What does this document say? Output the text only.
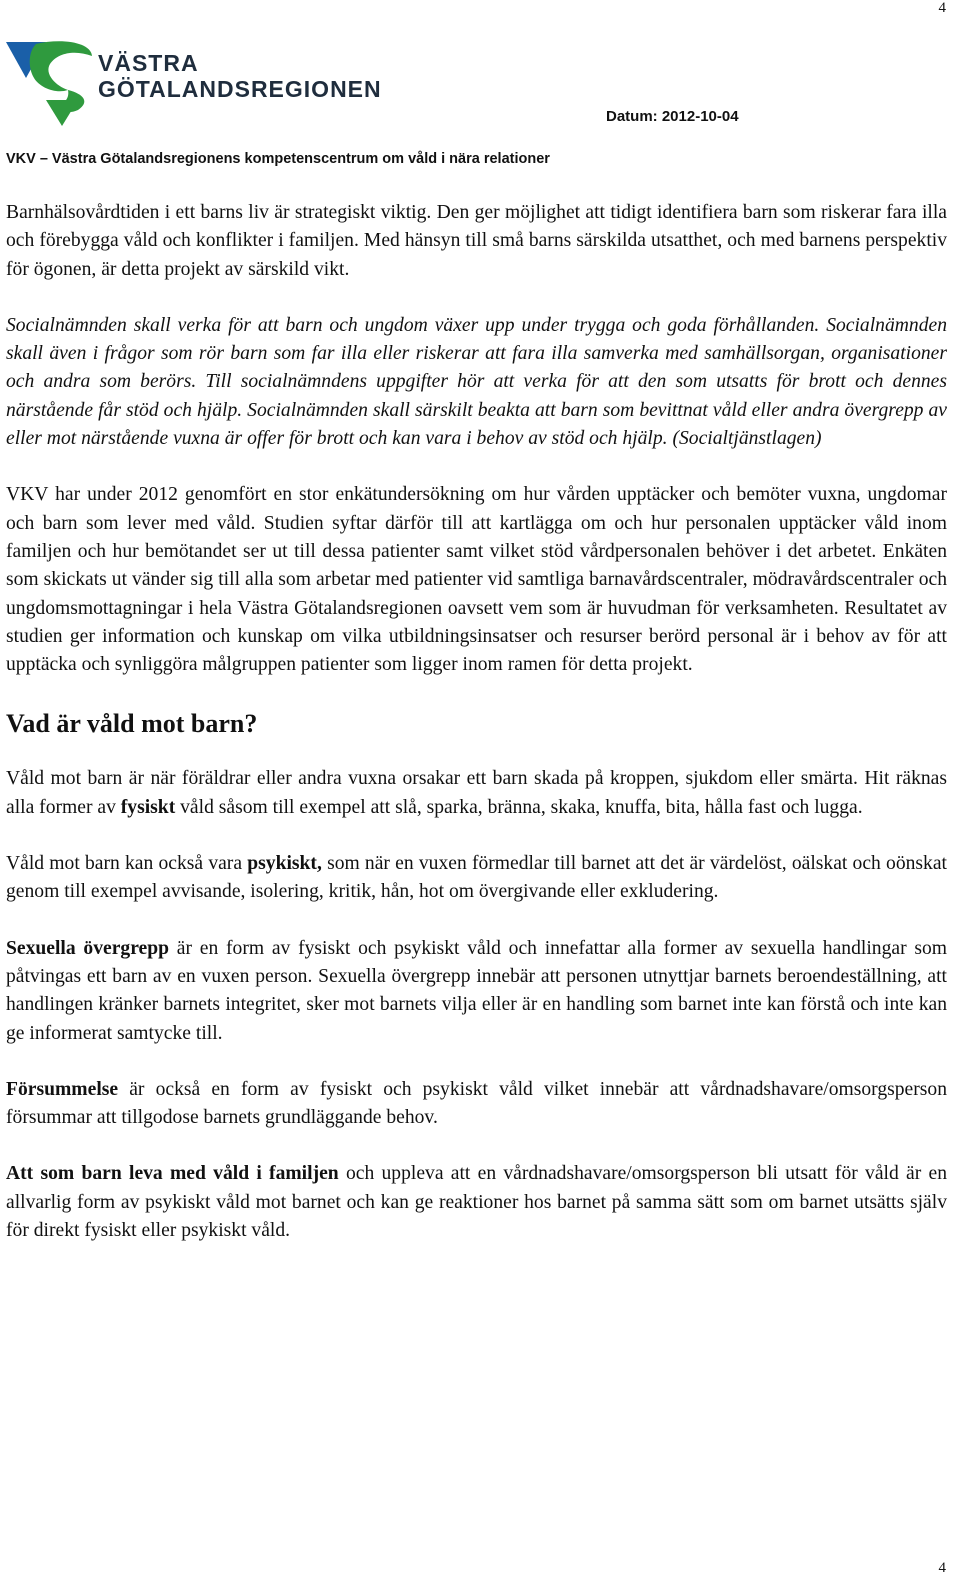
4
VÄSTRA
GÖTALANDSREGIONEN
Datum: 2012-10-04
VKV – Västra Götalandsregionens kompetenscentrum om våld i nära relationer

Barnhälsovårdtiden i ett barns liv är strategiskt viktig. Den ger möjlighet att tidigt identifiera barn som riskerar fara illa och förebygga våld och konflikter i familjen. Med hänsyn till små barns särskilda utsatthet, och med barnens perspektiv för ögonen, är detta projekt av särskild vikt.

Socialnämnden skall verka för att barn och ungdom växer upp under trygga och goda förhållanden. Socialnämnden skall även i frågor som rör barn som far illa eller riskerar att fara illa samverka med samhällsorgan, organisationer och andra som berörs. Till socialnämndens uppgifter hör att verka för att den som utsatts för brott och dennes närstående får stöd och hjälp. Socialnämnden skall särskilt beakta att barn som bevittnat våld eller andra övergrepp av eller mot närstående vuxna är offer för brott och kan vara i behov av stöd och hjälp. (Socialtjänstlagen)

VKV har under 2012 genomfört en stor enkätundersökning om hur vården upptäcker och bemöter vuxna, ungdomar och barn som lever med våld. Studien syftar därför till att kartlägga om och hur personalen upptäcker våld inom familjen och hur bemötandet ser ut till dessa patienter samt vilket stöd vårdpersonalen behöver i det arbetet. Enkäten som skickats ut vänder sig till alla som arbetar med patienter vid samtliga barnavårdscentraler, mödravårdscentraler och ungdomsmottagningar i hela Västra Götalandsregionen oavsett vem som är huvudman för verksamheten. Resultatet av studien ger information och kunskap om vilka utbildningsinsatser och resurser berörd personal är i behov av för att upptäcka och synliggöra målgruppen patienter som ligger inom ramen för detta projekt.

Vad är våld mot barn?

Våld mot barn är när föräldrar eller andra vuxna orsakar ett barn skada på kroppen, sjukdom eller smärta. Hit räknas alla former av fysiskt våld såsom till exempel att slå, sparka, bränna, skaka, knuffa, bita, hålla fast och lugga.

Våld mot barn kan också vara psykiskt, som när en vuxen förmedlar till barnet att det är värdelöst, oälskat och oönskat genom till exempel avvisande, isolering, kritik, hån, hot om övergivande eller exkludering.

Sexuella övergrepp är en form av fysiskt och psykiskt våld och innefattar alla former av sexuella handlingar som påtvingas ett barn av en vuxen person. Sexuella övergrepp innebär att personen utnyttjar barnets beroendeställning, att handlingen kränker barnets integritet, sker mot barnets vilja eller är en handling som barnet inte kan förstå och inte kan ge informerat samtycke till.

Försummelse är också en form av fysiskt och psykiskt våld vilket innebär att vårdnadshavare/omsorgsperson försummar att tillgodose barnets grundläggande behov.

Att som barn leva med våld i familjen och uppleva att en vårdnadshavare/omsorgsperson bli utsatt för våld är en allvarlig form av psykiskt våld mot barnet och kan ge reaktioner hos barnet på samma sätt som om barnet utsätts själv för direkt fysiskt eller psykiskt våld.

4
